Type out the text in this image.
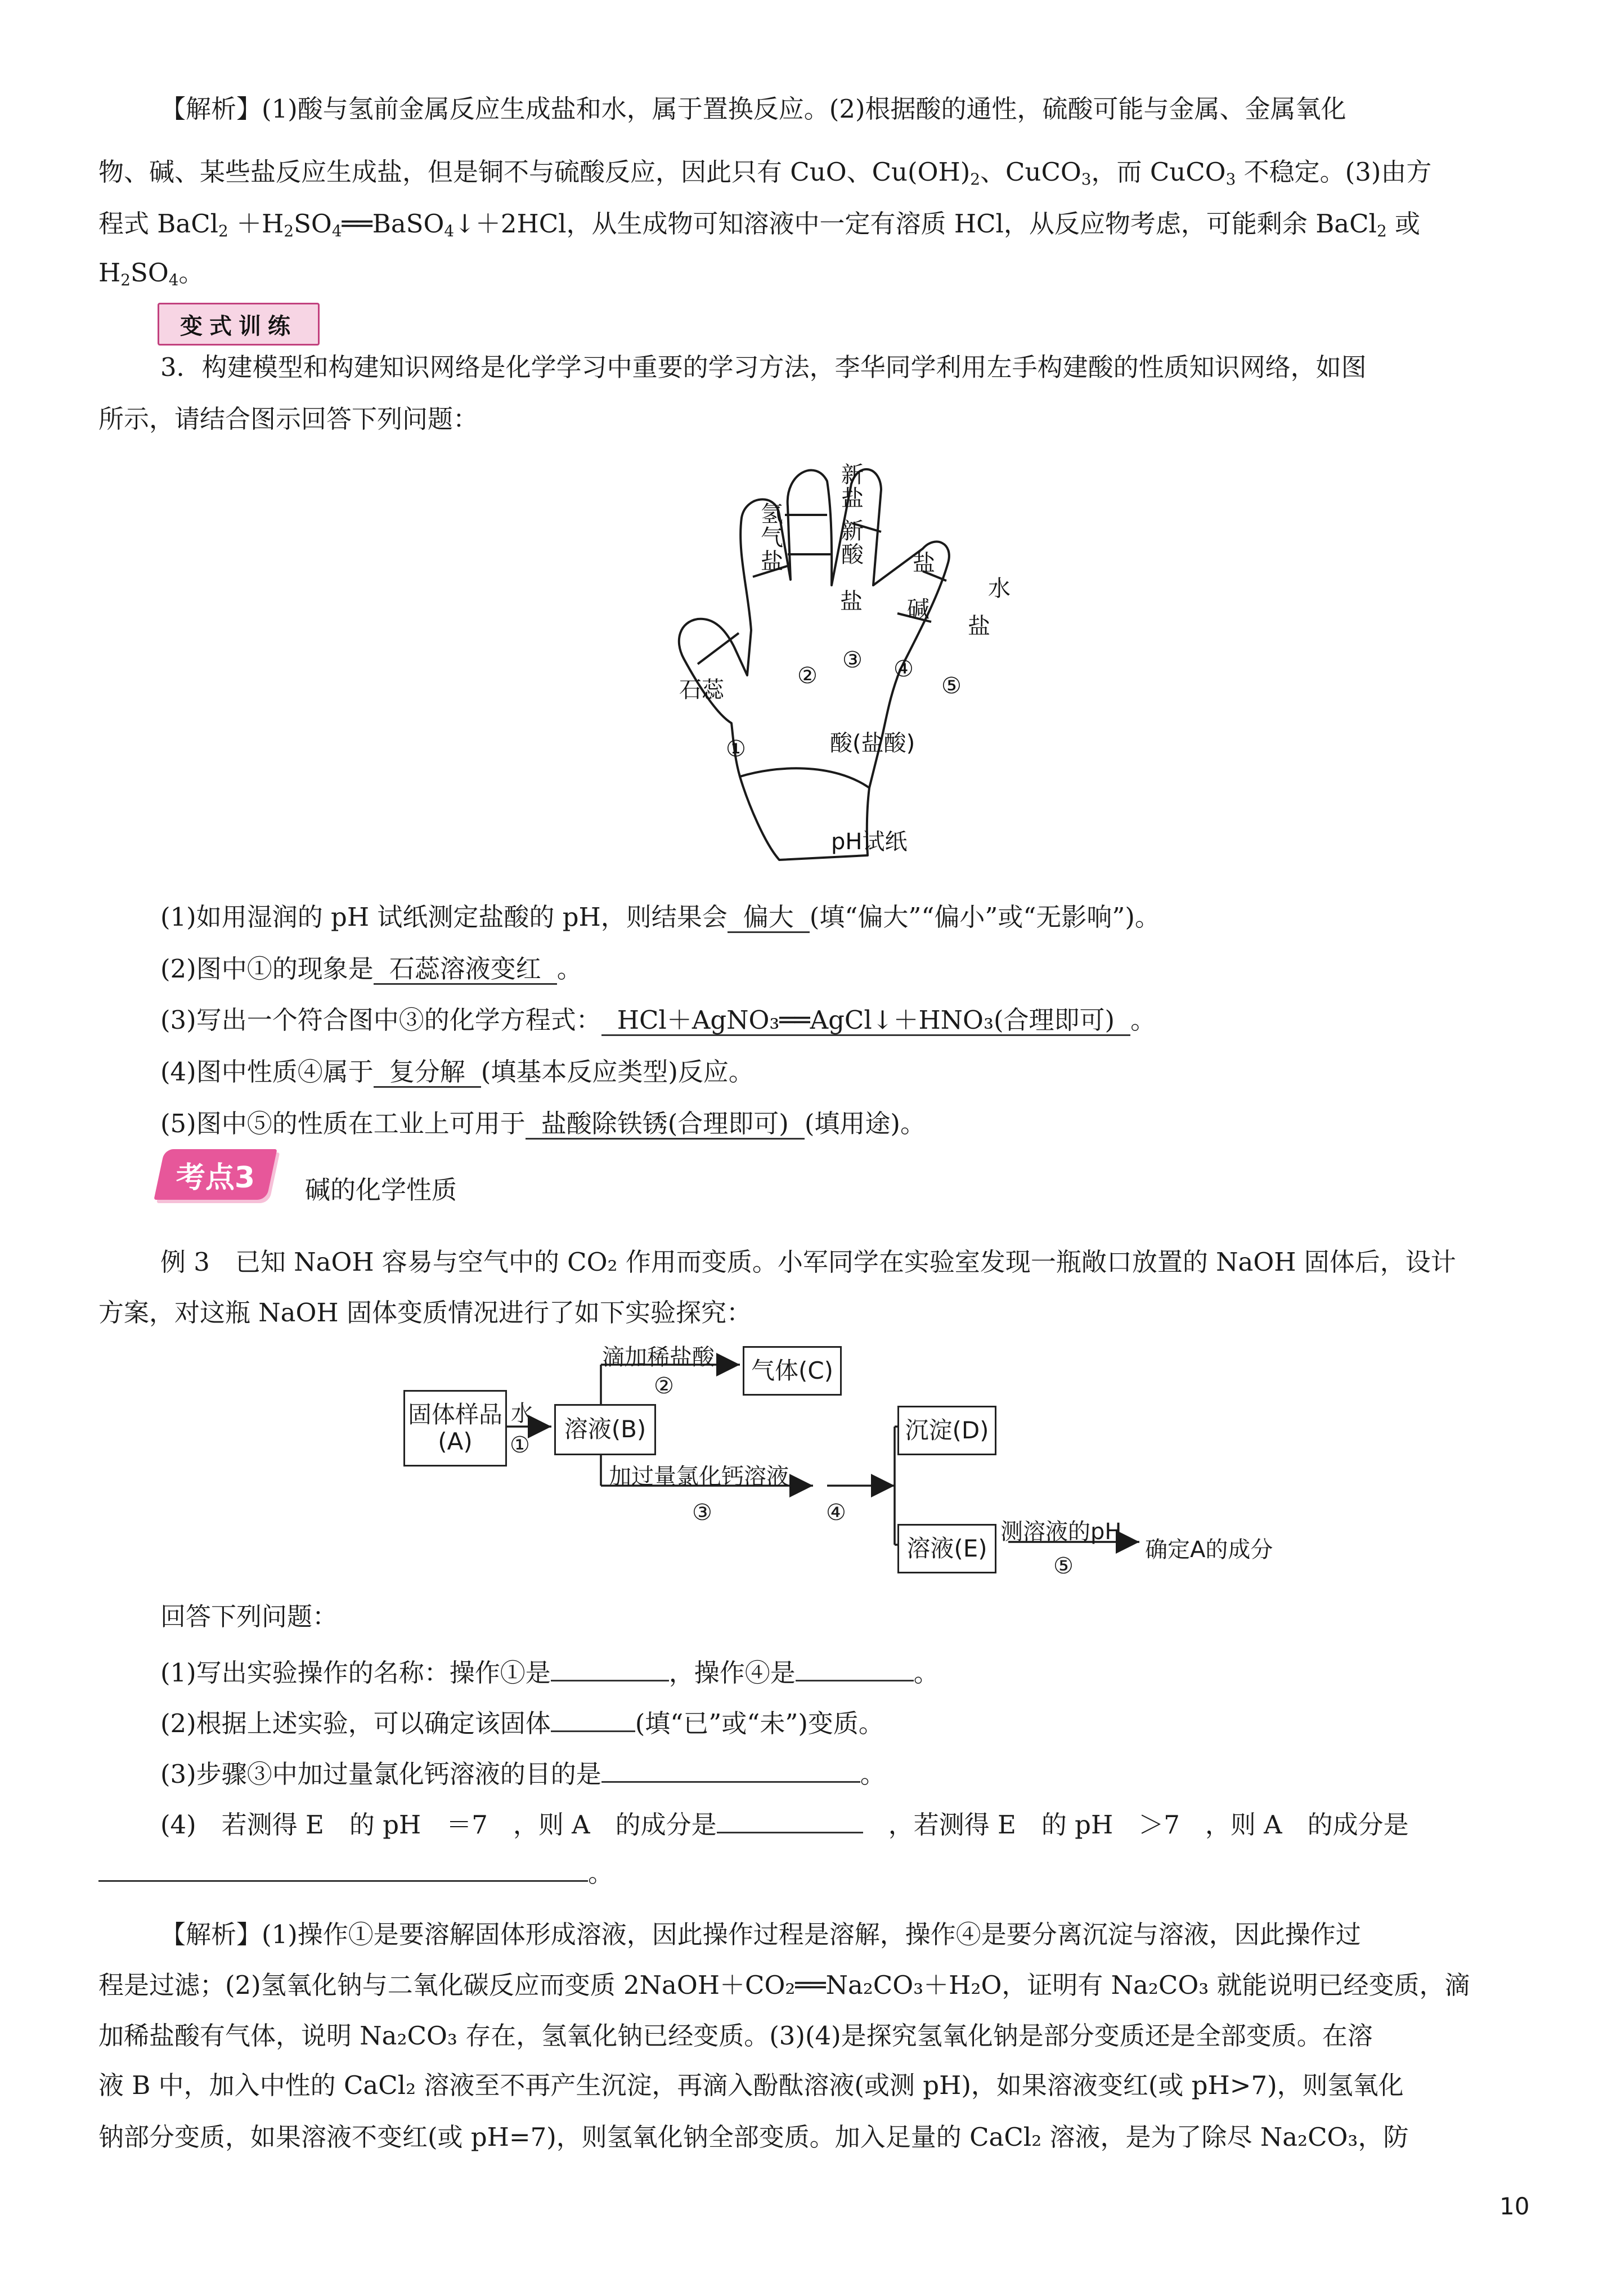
【解析】(1)酸与氢前金属反应生成盐和水，属于置换反应。(2)根据酸的通性，硫酸可能与金属、金属氧化
物、碱、某些盐反应生成盐，但是铜不与硫酸反应，因此只有 CuO、$Cu(OH)_2$、CuCO$_3$，而 CuCO$_3$ 不稳定。(3)由方
程式 BaCl$_2$ $+H_2SO_4══BaSO_4↓+2HCl$，从生成物可知溶液中一定有溶质 HCl，从反应物考虑，可能剩余 BaCl$_2$ 或
$H_2SO_4$。
变式训练
3．构建模型和构建知识网络是化学学习中重要的学习方法，李华同学利用左手构建酸的性质知识网络，如图
所示，请结合图示回答下列问题：
石蕊
氢气盐
新盐
新酸
盐
盐
碱
水
盐
①
②
③ ④
⑤
酸(盐酸)
pH试纸
(1)如用湿润的 pH 试纸测定盐酸的 pH，则结果会 偏大 (填“偏大”“偏小”或“无影响”)。
(2)图中①的现象是 石蕊溶液变红 。
(3)写出一个符合图中③的化学方程式： HCl＋AgNO₃══AgCl↓＋HNO₃(合理即可) 。
(4)图中性质④属于 复分解 (填基本反应类型)反应。
(5)图中⑤的性质在工业上可用于 盐酸除铁锈(合理即可) (填用途)。
考点3 碱的化学性质
例 3　已知 NaOH 容易与空气中的 CO₂ 作用而变质。小军同学在实验室发现一瓶敞口放置的 NaOH 固体后，设计
方案，对这瓶 NaOH 固体变质情况进行了如下实验探究：
固体样品(A)
水
①
溶液(B)
滴加稀盐酸
②
气体(C)
加过量氯化钙溶液
③	④
沉淀(D)
溶液(E)
测溶液的pH
⑤
确定A的成分
回答下列问题：
(1)写出实验操作的名称：操作①是	，操作④是	。
(2)根据上述实验，可以确定该固体	(填“已”或“未”)变质。
(3)步骤③中加过量氯化钙溶液的目的是	。
(4)　若测得 E　的 pH　＝7　，则 A　的成分是	　，若测得 E　的 pH　＞7　，则 A　的成分是
。
【解析】(1)操作①是要溶解固体形成溶液，因此操作过程是溶解，操作④是要分离沉淀与溶液，因此操作过
程是过滤；(2)氢氧化钠与二氧化碳反应而变质 2NaOH＋CO₂══Na₂CO₃＋H₂O，证明有 Na₂CO₃ 就能说明已经变质，滴
加稀盐酸有气体，说明 Na₂CO₃ 存在，氢氧化钠已经变质。(3)(4)是探究氢氧化钠是部分变质还是全部变质。在溶
液 B 中，加入中性的 CaCl₂ 溶液至不再产生沉淀，再滴入酚酞溶液(或测 pH)，如果溶液变红(或 pH>7)，则氢氧化
钠部分变质，如果溶液不变红(或 pH=7)，则氢氧化钠全部变质。加入足量的 CaCl₂ 溶液，是为了除尽 Na₂CO₃，防
10
